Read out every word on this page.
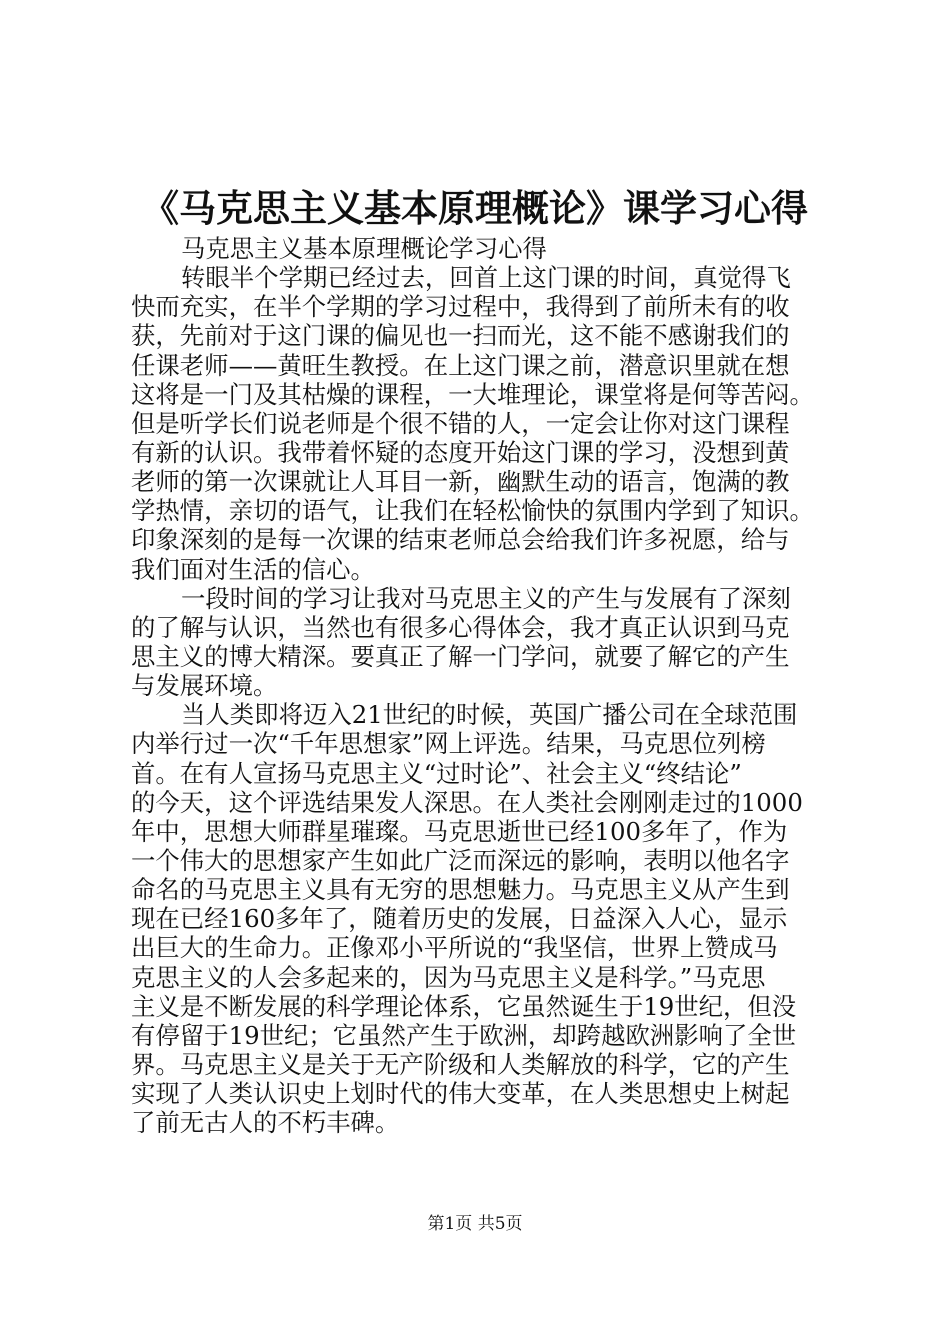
《马克思主义基本原理概论》课学习心得
马克思主义基本原理概论学习心得
转眼半个学期已经过去，回首上这门课的时间，真觉得飞
快而充实，在半个学期的学习过程中，我得到了前所未有的收
获，先前对于这门课的偏见也一扫而光，这不能不感谢我们的
任课老师——黄旺生教授。在上这门课之前，潜意识里就在想
这将是一门及其枯燥的课程，一大堆理论，课堂将是何等苦闷。
但是听学长们说老师是个很不错的人，一定会让你对这门课程
有新的认识。我带着怀疑的态度开始这门课的学习，没想到黄
老师的第一次课就让人耳目一新，幽默生动的语言，饱满的教
学热情，亲切的语气，让我们在轻松愉快的氛围内学到了知识。
印象深刻的是每一次课的结束老师总会给我们许多祝愿，给与
我们面对生活的信心。
一段时间的学习让我对马克思主义的产生与发展有了深刻
的了解与认识，当然也有很多心得体会，我才真正认识到马克
思主义的博大精深。要真正了解一门学问，就要了解它的产生
与发展环境。
当人类即将迈入21世纪的时候，英国广播公司在全球范围
内举行过一次“千年思想家”网上评选。结果，马克思位列榜
首。在有人宣扬马克思主义“过时论”、社会主义“终结论”
的今天，这个评选结果发人深思。在人类社会刚刚走过的1000
年中，思想大师群星璀璨。马克思逝世已经100多年了，作为
一个伟大的思想家产生如此广泛而深远的影响，表明以他名字
命名的马克思主义具有无穷的思想魅力。马克思主义从产生到
现在已经160多年了，随着历史的发展，日益深入人心，显示
出巨大的生命力。正像邓小平所说的“我坚信，世界上赞成马
克思主义的人会多起来的，因为马克思主义是科学。”马克思
主义是不断发展的科学理论体系，它虽然诞生于19世纪，但没
有停留于19世纪；它虽然产生于欧洲，却跨越欧洲影响了全世
界。马克思主义是关于无产阶级和人类解放的科学，它的产生
实现了人类认识史上划时代的伟大变革，在人类思想史上树起
了前无古人的不朽丰碑。
第1页 共5页
